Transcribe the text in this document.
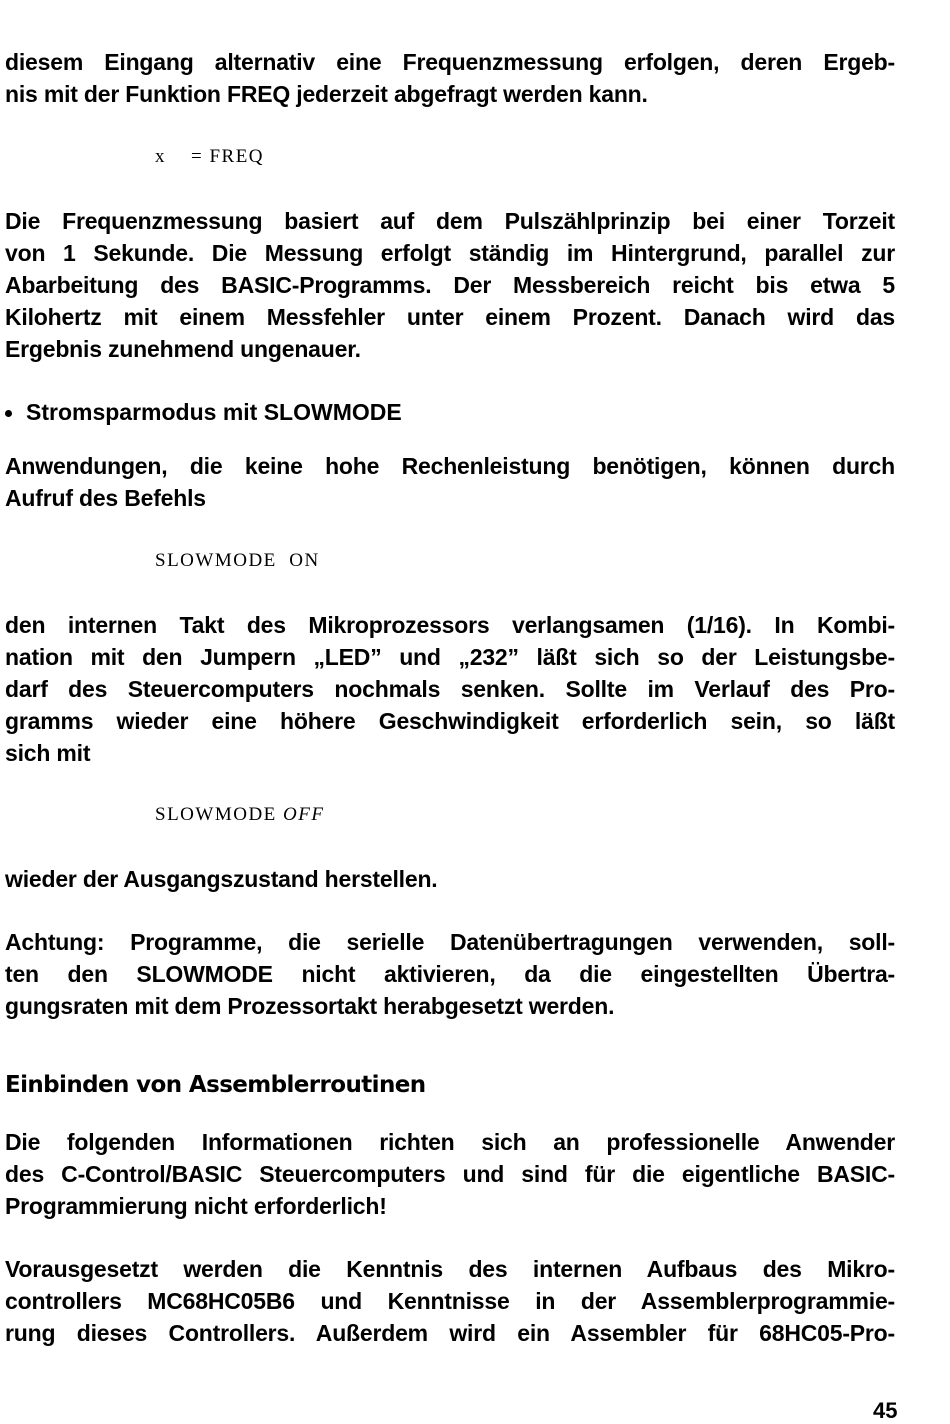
diesem Eingang alternativ eine Frequenzmessung erfolgen, deren Ergeb-
nis mit der Funktion FREQ jederzeit abgefragt werden kann.
x    = FREQ
Die Frequenzmessung basiert auf dem Pulszählprinzip bei einer Torzeit
von 1 Sekunde. Die Messung erfolgt ständig im Hintergrund, parallel zur
Abarbeitung des BASIC-Programms. Der Messbereich reicht bis etwa 5
Kilohertz mit einem Messfehler unter einem Prozent. Danach wird das
Ergebnis zunehmend ungenauer.
Stromsparmodus mit SLOWMODE
Anwendungen, die keine hohe Rechenleistung benötigen, können durch
Aufruf des Befehls
SLOWMODE  ON
den internen Takt des Mikroprozessors verlangsamen (1/16). In Kombi-
nation mit den Jumpern „LED” und „232” läßt sich so der Leistungsbe-
darf des Steuercomputers nochmals senken. Sollte im Verlauf des Pro-
gramms wieder eine höhere Geschwindigkeit erforderlich sein, so läßt
sich mit
SLOWMODE OFF
wieder der Ausgangszustand herstellen.
Achtung: Programme, die serielle Datenübertragungen verwenden, soll-
ten den SLOWMODE nicht aktivieren, da die eingestellten Übertra-
gungsraten mit dem Prozessortakt herabgesetzt werden.
Einbinden von Assemblerroutinen
Die folgenden Informationen richten sich an professionelle Anwender
des C-Control/BASIC Steuercomputers und sind für die eigentliche BASIC-
Programmierung nicht erforderlich!
Vorausgesetzt werden die Kenntnis des internen Aufbaus des Mikro-
controllers MC68HC05B6 und Kenntnisse in der Assemblerprogrammie-
rung dieses Controllers. Außerdem wird ein Assembler für 68HC05-Pro-
45
